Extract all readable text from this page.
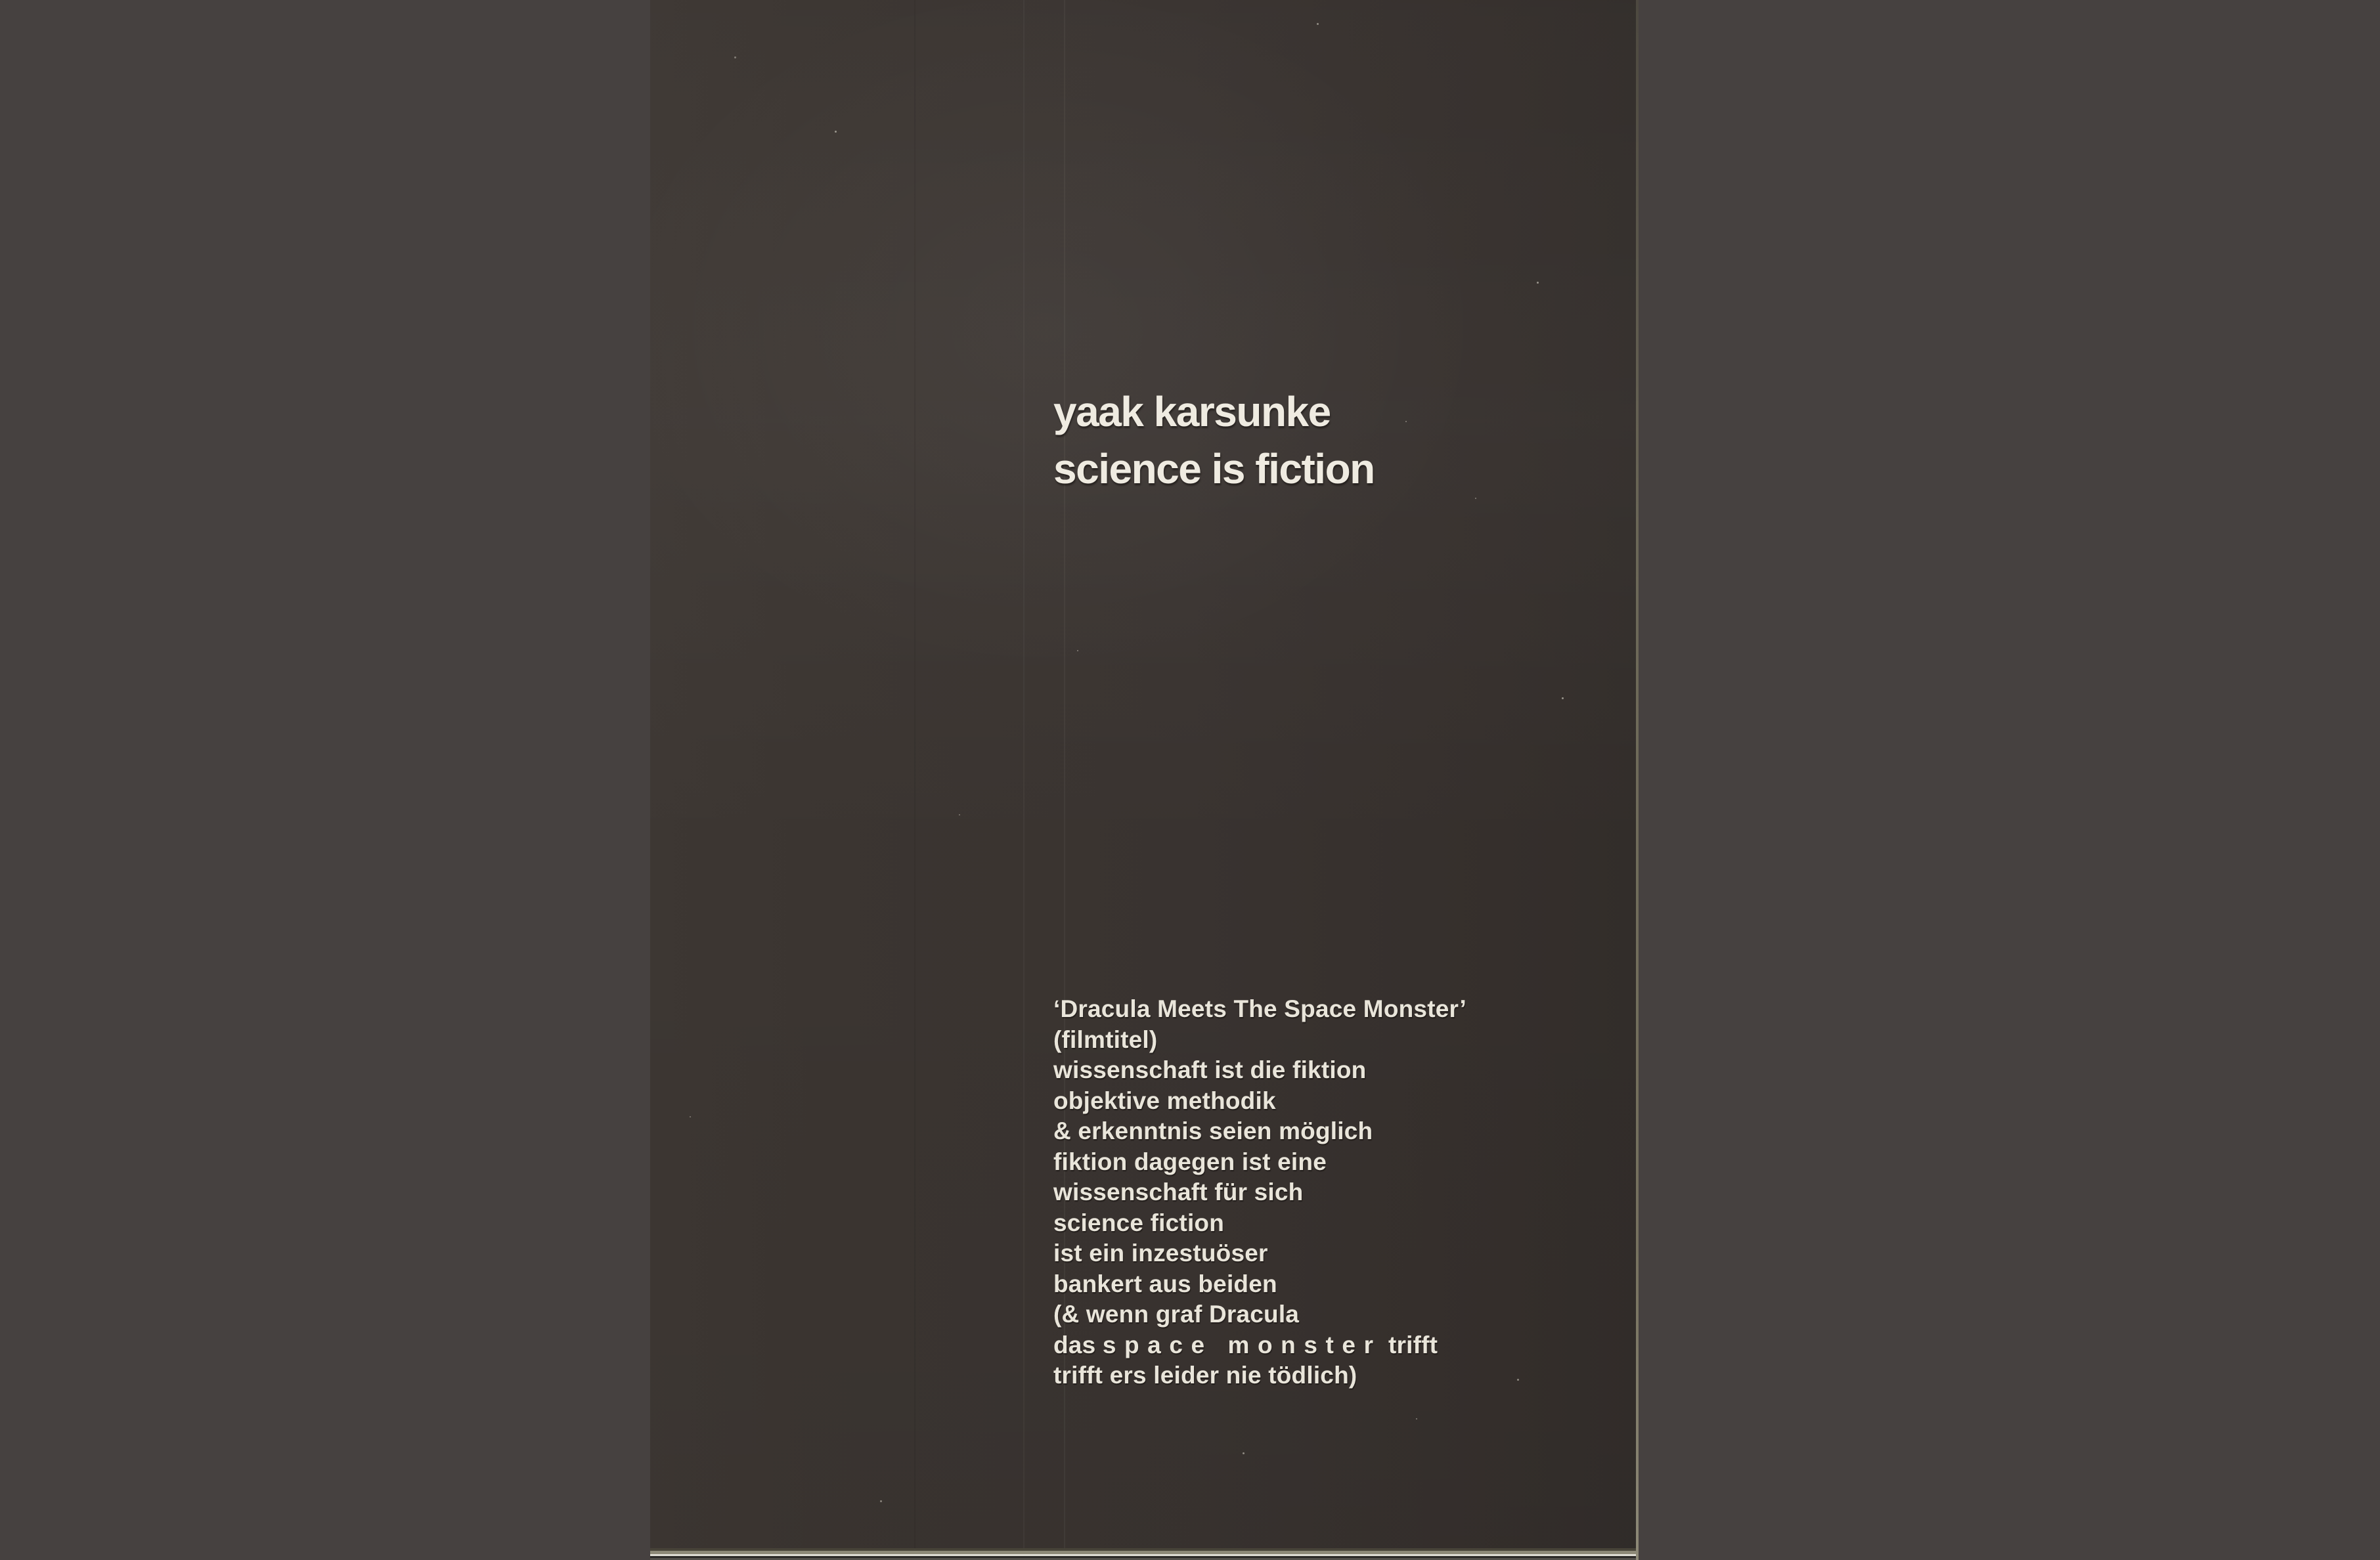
yaak karsunke
science is fiction
‘Dracula Meets The Space Monster’
(filmtitel)
wissenschaft ist die fiktion
objektive methodik
& erkenntnis seien möglich
fiktion dagegen ist eine
wissenschaft für sich
science fiction
ist ein inzestuöser
bankert aus beiden
(& wenn graf Dracula
das space monster trifft
trifft ers leider nie tödlich)
